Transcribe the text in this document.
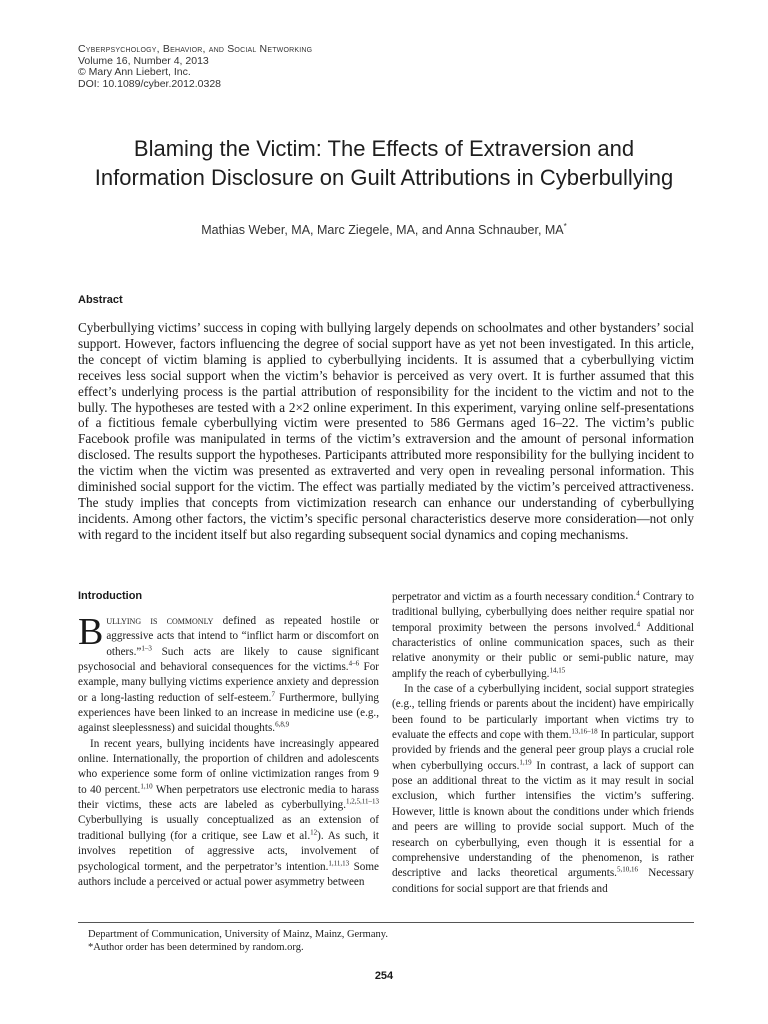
Cyberpsychology, Behavior, and Social Networking
Volume 16, Number 4, 2013
© Mary Ann Liebert, Inc.
DOI: 10.1089/cyber.2012.0328
Blaming the Victim: The Effects of Extraversion and
Information Disclosure on Guilt Attributions in Cyberbullying
Mathias Weber, MA, Marc Ziegele, MA, and Anna Schnauber, MA*
Abstract

Cyberbullying victims’ success in coping with bullying largely depends on schoolmates and other bystanders’ social support. However, factors influencing the degree of social support have as yet not been investigated. In this article, the concept of victim blaming is applied to cyberbullying incidents. It is assumed that a cyberbullying victim receives less social support when the victim’s behavior is perceived as very overt. It is further assumed that this effect’s underlying process is the partial attribution of responsibility for the incident to the victim and not to the bully. The hypotheses are tested with a 2×2 online experiment. In this experiment, varying online self-presentations of a fictitious female cyberbullying victim were presented to 586 Germans aged 16–22. The victim’s public Facebook profile was manipulated in terms of the victim’s extraversion and the amount of personal information disclosed. The results support the hypotheses. Participants attributed more responsibility for the bullying incident to the victim when the victim was presented as extraverted and very open in revealing personal information. This diminished social support for the victim. The effect was partially mediated by the victim’s perceived attractiveness. The study implies that concepts from victimization research can enhance our understanding of cyberbullying incidents. Among other factors, the victim’s specific personal characteristics deserve more consideration—not only with regard to the incident itself but also regarding subsequent social dynamics and coping mechanisms.

Introduction

Bullying is commonly defined as repeated hostile or aggressive acts that intend to “inflict harm or discomfort on others.”$^{1-3}$ Such acts are likely to cause significant psychosocial and behavioral consequences for the victims.$^{4-6}$ For example, many bullying victims experience anxiety and depression or a long-lasting reduction of self-esteem.$^7$ Furthermore, bullying experiences have been linked to an increase in medicine use (e.g., against sleeplessness) and suicidal thoughts.$^{6,8,9}$

In recent years, bullying incidents have increasingly appeared online. Internationally, the proportion of children and adolescents who experience some form of online victimization ranges from 9 to 40 percent.$^{1,10}$ When perpetrators use electronic media to harass their victims, these acts are labeled as cyberbullying.$^{1,2,5,11-13}$ Cyberbullying is usually conceptualized as an extension of traditional bullying (for a critique, see Law et al.$^{12}$). As such, it involves repetition of aggressive acts, involvement of psychological torment, and the perpetrator’s intention.$^{1,11,13}$ Some authors include a perceived or actual power asymmetry between

perpetrator and victim as a fourth necessary condition.$^4$ Contrary to traditional bullying, cyberbullying does neither require spatial nor temporal proximity between the persons involved.$^4$ Additional characteristics of online communication spaces, such as their relative anonymity or their public or semi-public nature, may amplify the reach of cyberbullying.$^{14,15}$

In the case of a cyberbullying incident, social support strategies (e.g., telling friends or parents about the incident) have empirically been found to be particularly important when victims try to evaluate the effects and cope with them.$^{13,16-18}$ In particular, support provided by friends and the general peer group plays a crucial role when cyberbullying occurs.$^{1,19}$ In contrast, a lack of support can pose an additional threat to the victim as it may result in social exclusion, which further intensifies the victim’s suffering. However, little is known about the conditions under which friends and peers are willing to provide social support. Much of the research on cyberbullying, even though it is essential for a comprehensive understanding of the phenomenon, is rather descriptive and lacks theoretical arguments.$^{5,10,16}$ Necessary conditions for social support are that friends and

Department of Communication, University of Mainz, Mainz, Germany.
*Author order has been determined by random.org.
254
